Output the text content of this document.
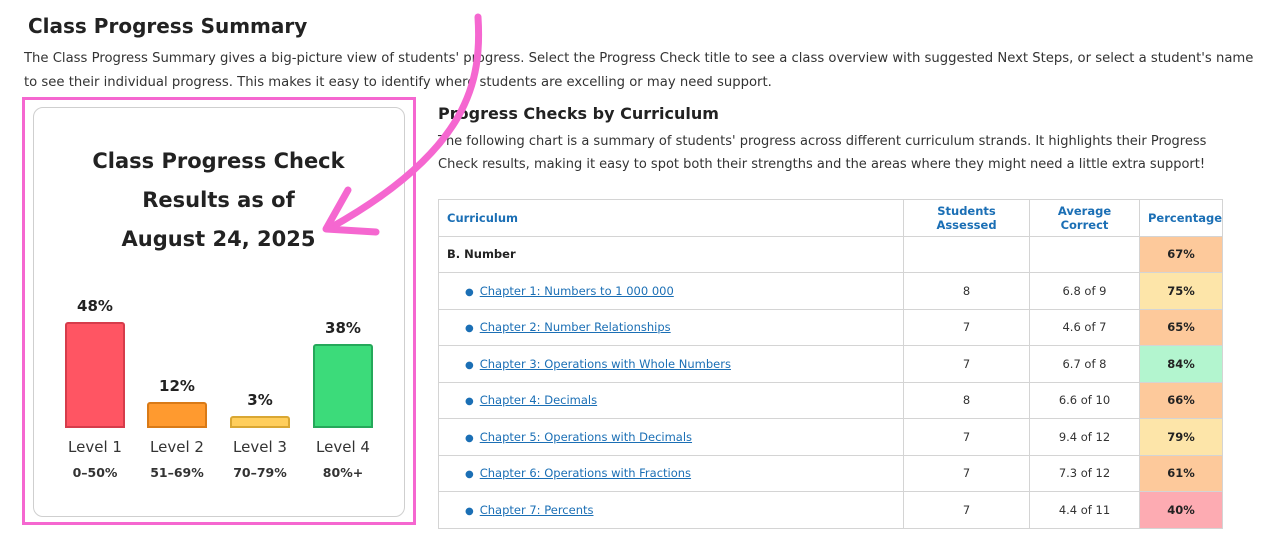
Class Progress Summary

The Class Progress Summary gives a big-picture view of students' progress. Select the Progress Check title to see a class overview with suggested Next Steps, or select a student's name to see their individual progress. This makes it easy to identify where students are excelling or may need support.

Class Progress Check
Results as of
August 24, 2025
48%
Level 1
0–50%
12%
Level 2
51–69%
3%
Level 3
70–79%
38%
Level 4
80%+
Progress Checks by Curriculum
The following chart is a summary of students' progress across different curriculum strands. It highlights their Progress Check results, making it easy to spot both their strengths and the areas where they might need a little extra support!
Curriculum	Students Assessed	Average Correct	Percentage
B. Number			67%
● Chapter 1: Numbers to 1 000 000	8	6.8 of 9	75%
● Chapter 2: Number Relationships	7	4.6 of 7	65%
● Chapter 3: Operations with Whole Numbers	7	6.7 of 8	84%
● Chapter 4: Decimals	8	6.6 of 10	66%
● Chapter 5: Operations with Decimals	7	9.4 of 12	79%
● Chapter 6: Operations with Fractions	7	7.3 of 12	61%
● Chapter 7: Percents	7	4.4 of 11	40%
